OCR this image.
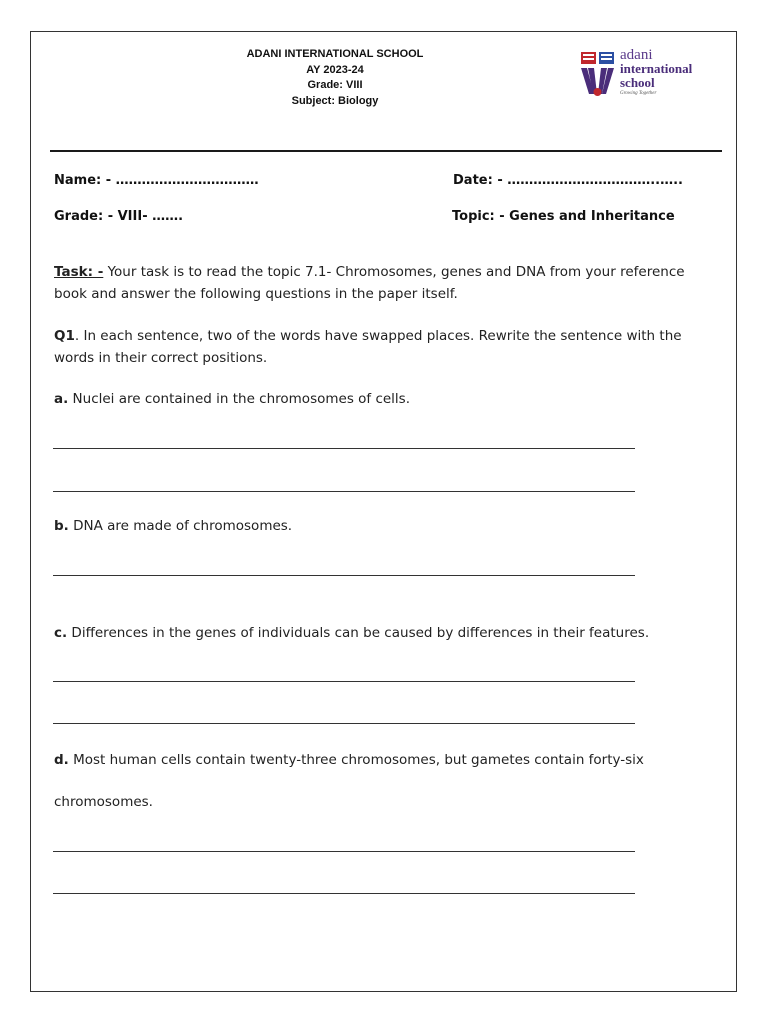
ADANI INTERNATIONAL SCHOOL
AY 2023-24
Grade: VIII
Subject: Biology
adani
international
school
Growing Together
Name: - ……………………………	Date: - ……………………………..…..
Grade: - VIII- …….	Topic: - Genes and Inheritance
Task: - Your task is to read the topic 7.1- Chromosomes, genes and DNA from your reference
book and answer the following questions in the paper itself.
Q1. In each sentence, two of the words have swapped places. Rewrite the sentence with the
words in their correct positions.
a. Nuclei are contained in the chromosomes of cells.
b. DNA are made of chromosomes.
c. Differences in the genes of individuals can be caused by differences in their features.
d. Most human cells contain twenty-three chromosomes, but gametes contain forty-six
chromosomes.
